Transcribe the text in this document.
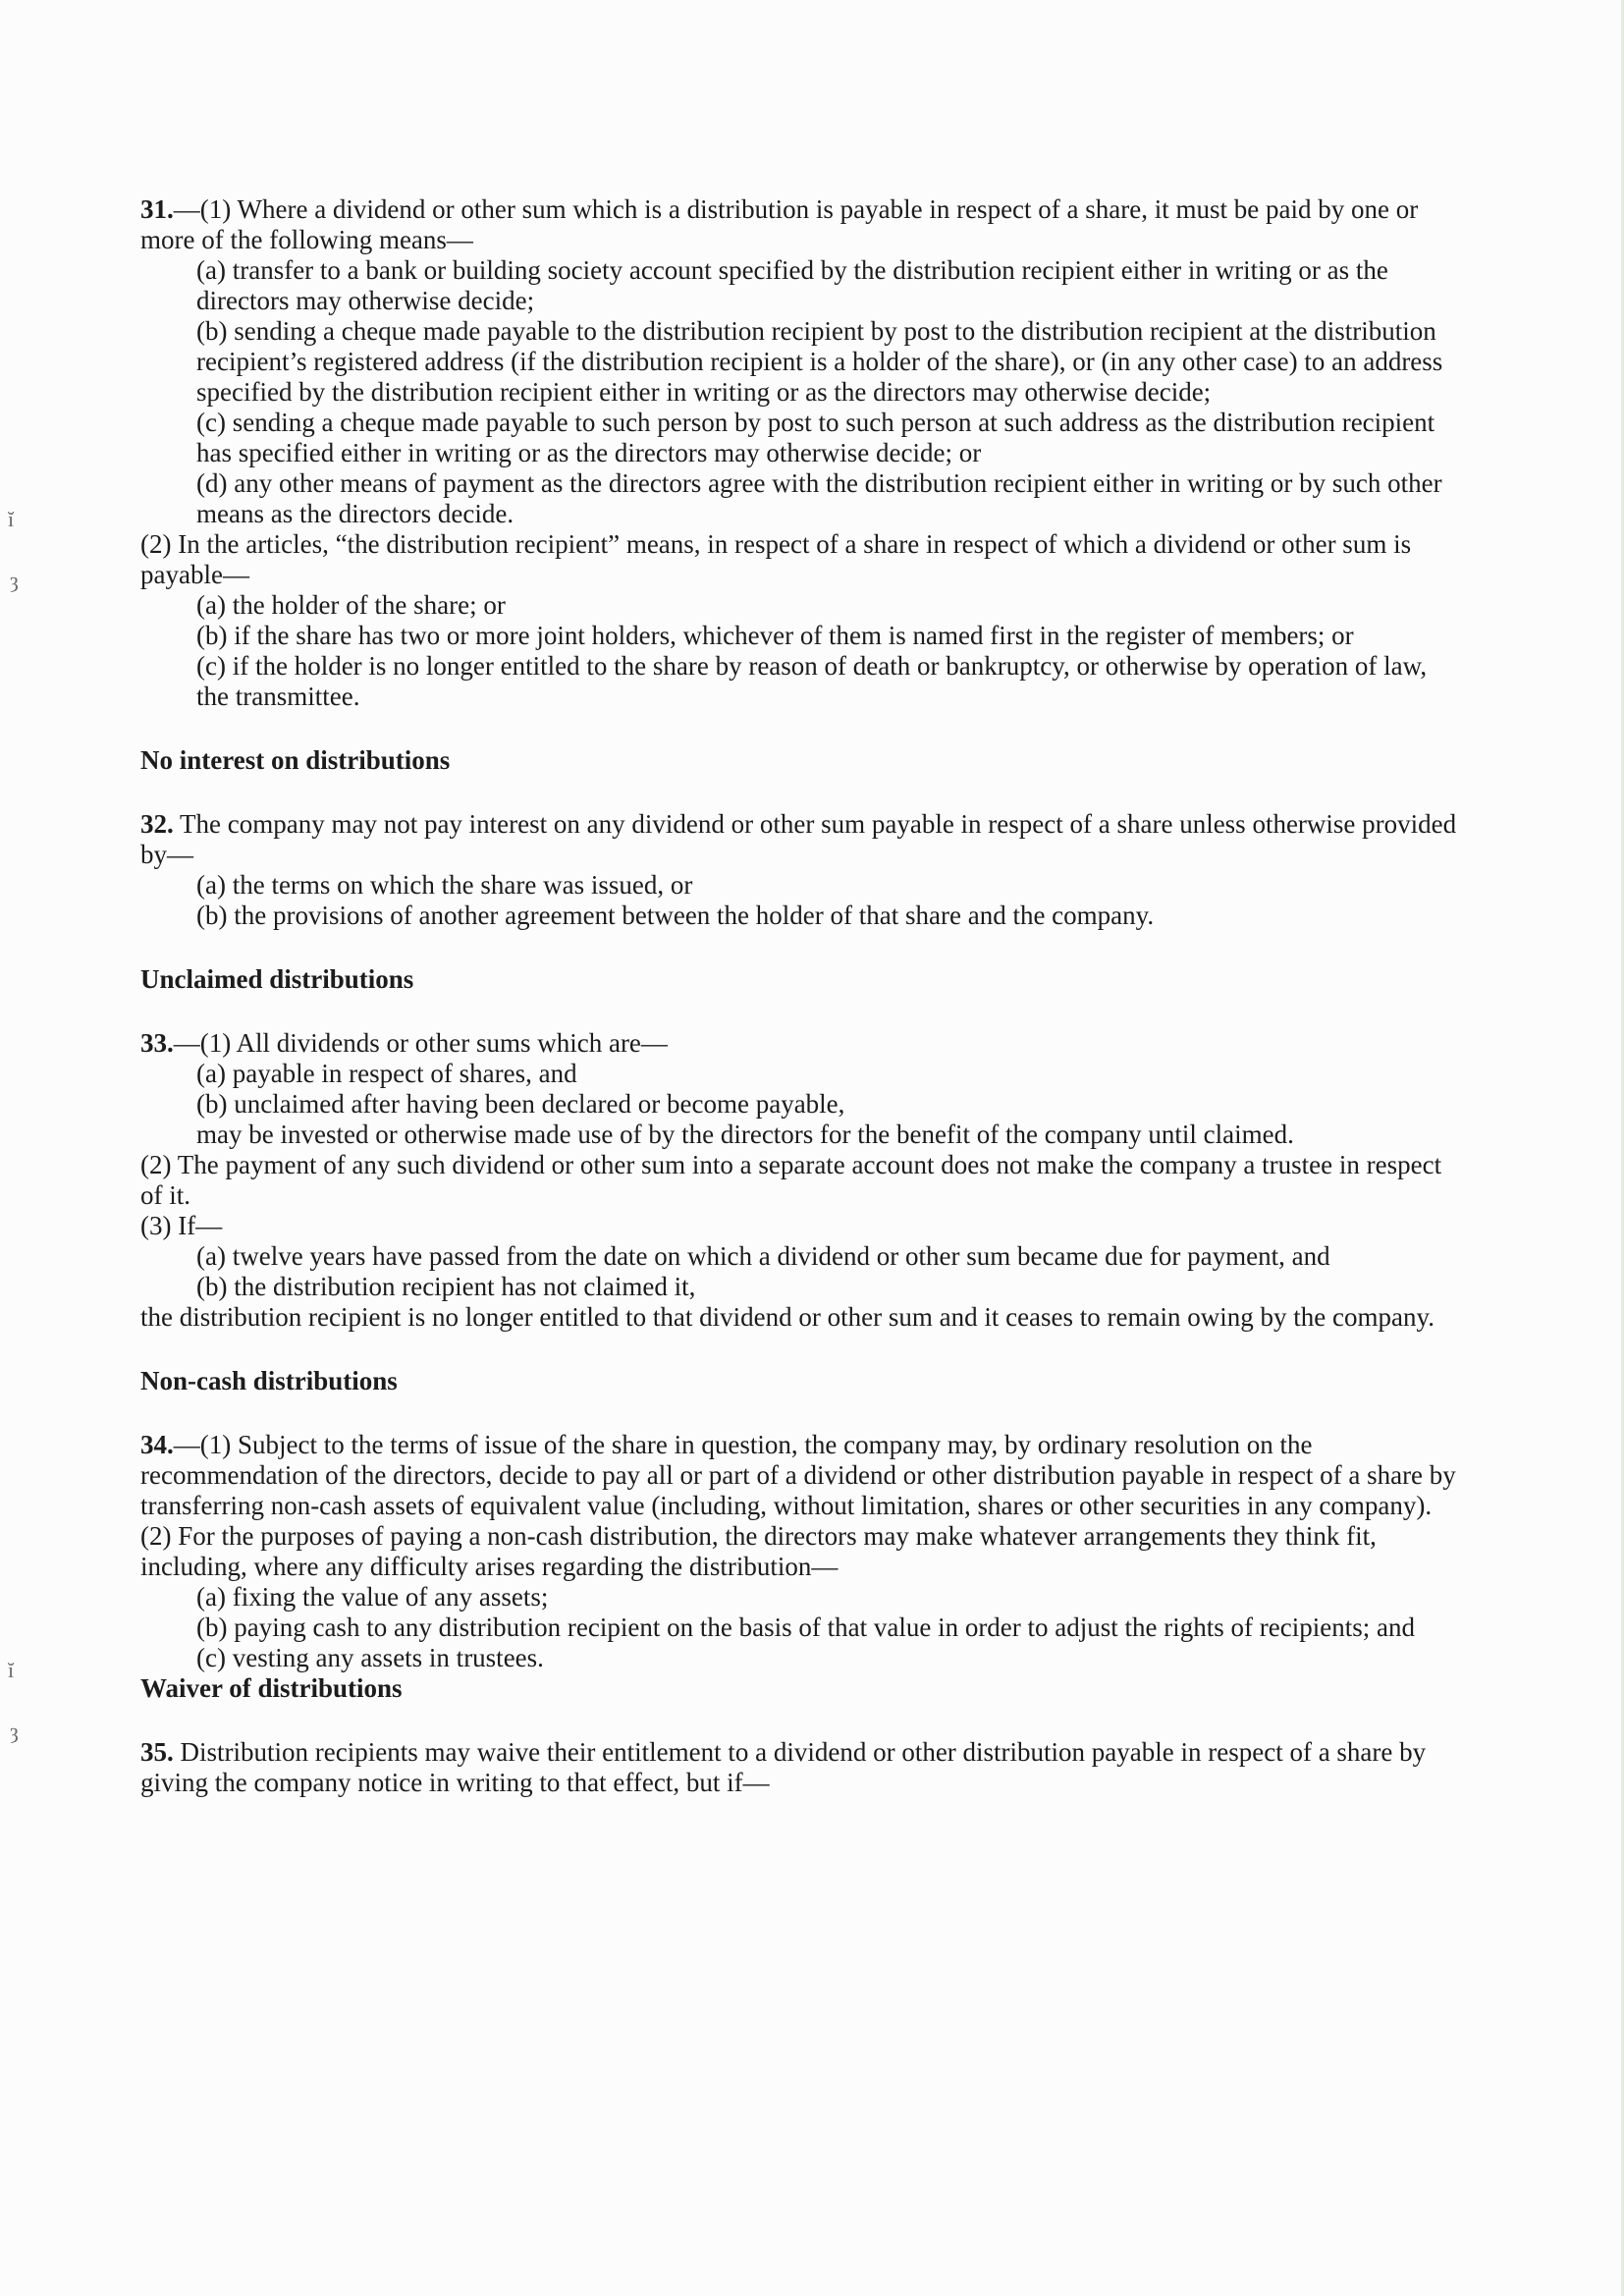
ĭ
ȝ
ĭ
ȝ

31.—(1) Where a dividend or other sum which is a distribution is payable in respect of a share, it must be paid by one or more of the following means—

(a) transfer to a bank or building society account specified by the distribution recipient either in writing or as the directors may otherwise decide;

(b) sending a cheque made payable to the distribution recipient by post to the distribution recipient at the distribution recipient’s registered address (if the distribution recipient is a holder of the share), or (in any other case) to an address specified by the distribution recipient either in writing or as the directors may otherwise decide;

(c) sending a cheque made payable to such person by post to such person at such address as the distribution recipient has specified either in writing or as the directors may otherwise decide; or

(d) any other means of payment as the directors agree with the distribution recipient either in writing or by such other means as the directors decide.

(2) In the articles, “the distribution recipient” means, in respect of a share in respect of which a dividend or other sum is payable—

(a) the holder of the share; or

(b) if the share has two or more joint holders, whichever of them is named first in the register of members; or

(c) if the holder is no longer entitled to the share by reason of death or bankruptcy, or otherwise by operation of law, the transmittee.

No interest on distributions

32. The company may not pay interest on any dividend or other sum payable in respect of a share unless otherwise provided by—

(a) the terms on which the share was issued, or

(b) the provisions of another agreement between the holder of that share and the company.

Unclaimed distributions

33.—(1) All dividends or other sums which are—

(a) payable in respect of shares, and

(b) unclaimed after having been declared or become payable,

may be invested or otherwise made use of by the directors for the benefit of the company until claimed.

(2) The payment of any such dividend or other sum into a separate account does not make the company a trustee in respect of it.

(3) If—

(a) twelve years have passed from the date on which a dividend or other sum became due for payment, and

(b) the distribution recipient has not claimed it,

the distribution recipient is no longer entitled to that dividend or other sum and it ceases to remain owing by the company.

Non-cash distributions

34.—(1) Subject to the terms of issue of the share in question, the company may, by ordinary resolution on the recommendation of the directors, decide to pay all or part of a dividend or other distribution payable in respect of a share by transferring non-cash assets of equivalent value (including, without limitation, shares or other securities in any company).

(2) For the purposes of paying a non-cash distribution, the directors may make whatever arrangements they think fit, including, where any difficulty arises regarding the distribution—

(a) fixing the value of any assets;

(b) paying cash to any distribution recipient on the basis of that value in order to adjust the rights of recipients; and

(c) vesting any assets in trustees.

Waiver of distributions

35. Distribution recipients may waive their entitlement to a dividend or other distribution payable in respect of a share by giving the company notice in writing to that effect, but if—
